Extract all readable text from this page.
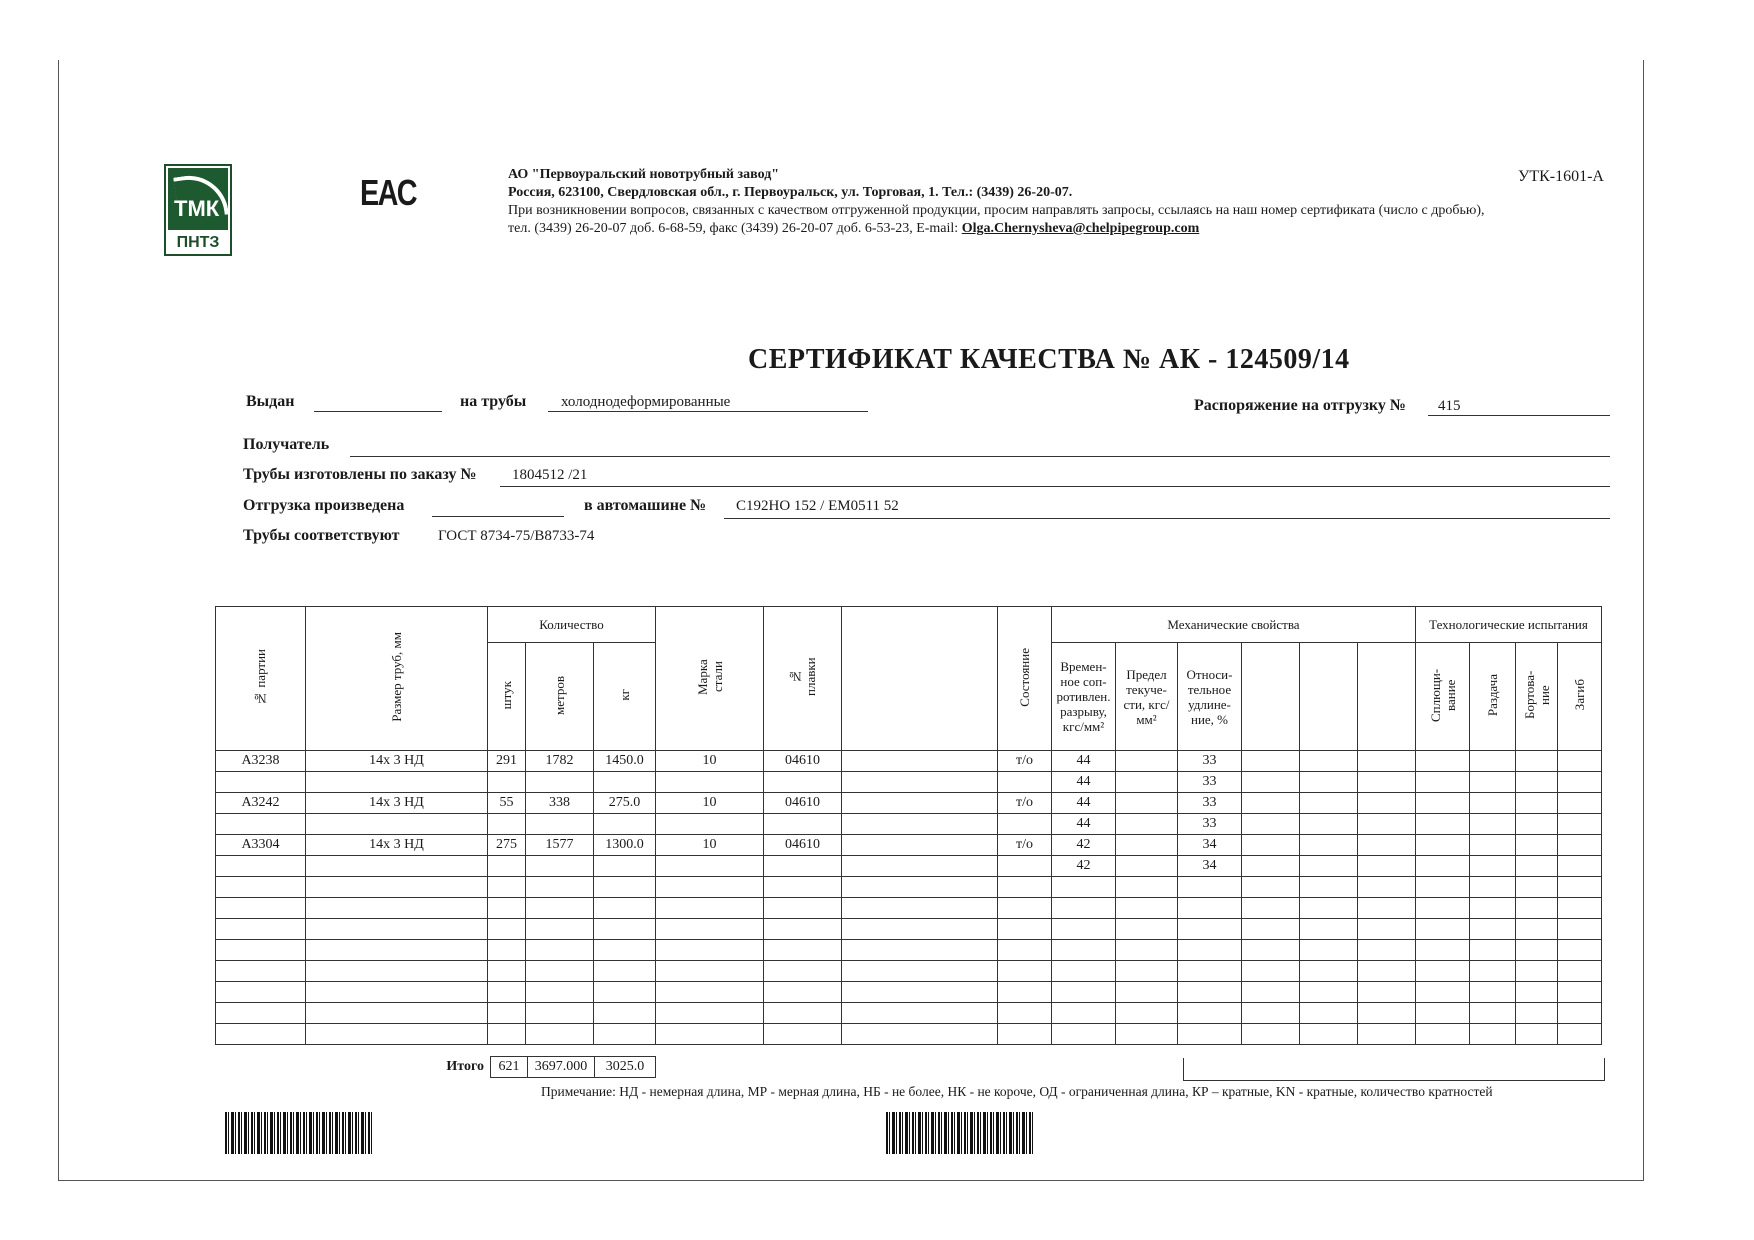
ТМК
ПНТЗ
EAC	АО "Первоуральский новотрубный завод"
Россия, 623100, Свердловская обл., г. Первоуральск, ул. Торговая, 1. Тел.: (3439) 26-20-07.
При возникновении вопросов, связанных с качеством отгруженной продукции, просим направлять запросы, ссылаясь на наш номер сертификата (число с дробью),
тел. (3439) 26-20-07 доб. 6-68-59, факс (3439) 26-20-07 доб. 6-53-23, E-mail: Olga.Chernysheva@chelpipegroup.com
УТК-1601-А
СЕРТИФИКАТ КАЧЕСТВА № АК - 124509/14
Выдан	на трубы холоднодеформированные	Распоряжение на отгрузку № 415
Получатель
Трубы изготовлены по заказу № 1804512 /21
Отгрузка произведена	в автомашине № С192НО 152 / ЕМ0511 52
Трубы соответствуют	ГОСТ 8734-75/В8733-74
№ партии	Размер труб, мм	Количество			Марка стали	№ плавки		Состояние	Механические свойства						Технологические испытания			
		штук	метров	кг					Времен-ное соп-ротивлен. разрыву, кгс/мм²	Предел текуче-сти, кгс/мм²	Относи-тельное удлине-ние, %				Сплющи-вание	Раздача	Бортова-ние	Загиб
А3238	14х 3 НД	291	1782	1450.0	10	04610		т/о	44		33							
									44		33							
А3242	14х 3 НД	55	338	275.0	10	04610		т/о	44		33							
									44		33							
А3304	14х 3 НД	275	1577	1300.0	10	04610		т/о	42		34							
									42		34							

Итого	621	3697.000	3025.0
Примечание: НД - немерная длина, МР - мерная длина, НБ - не более, НК - не короче, ОД - ограниченная длина, КР – кратные, KN - кратные, количество кратностей
